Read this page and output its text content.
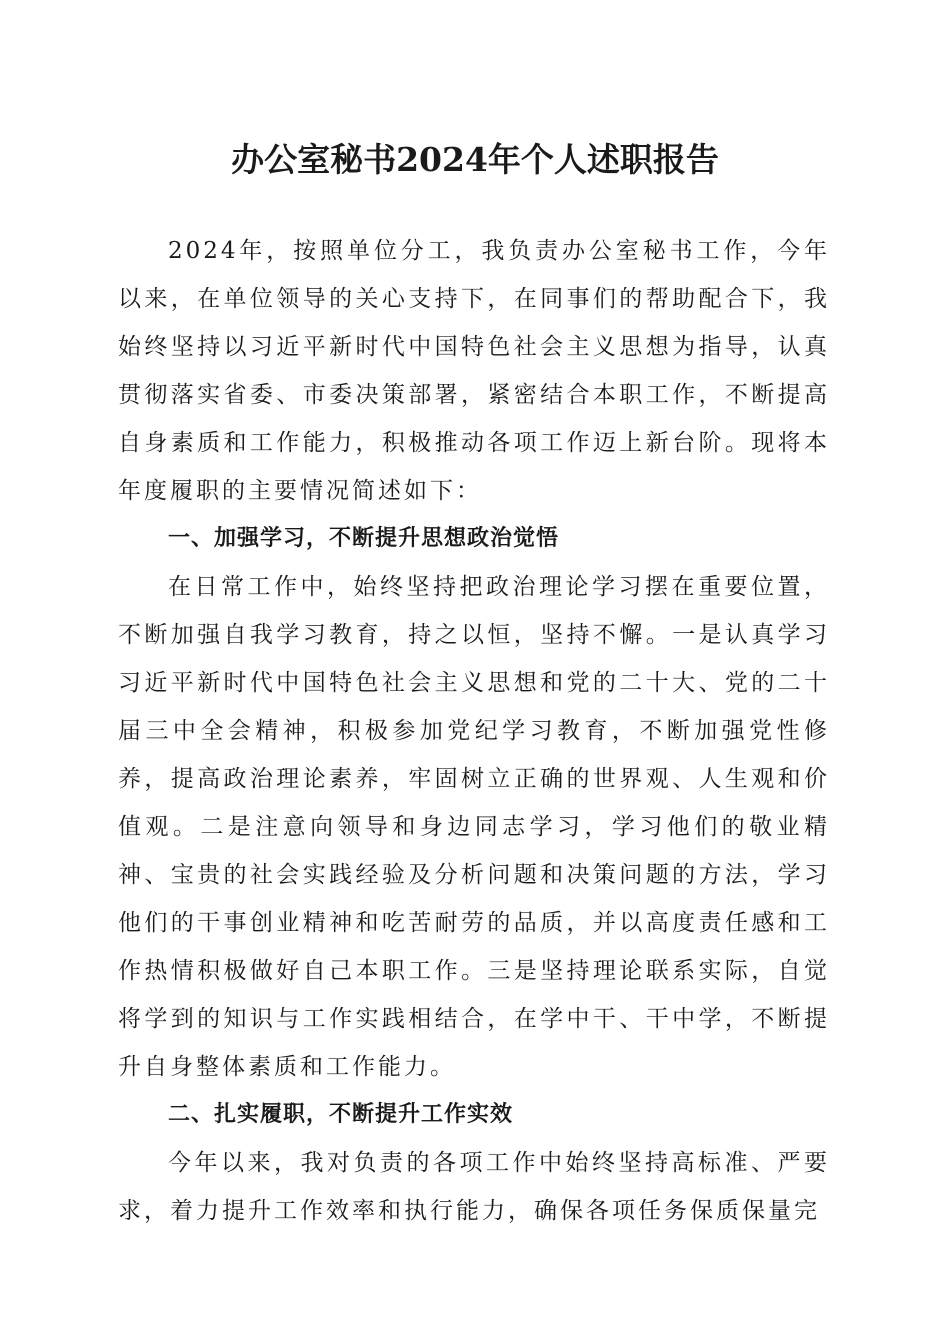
办公室秘书2024年个人述职报告

2024年，按照单位分工，我负责办公室秘书工作，今年以来，在单位领导的关心支持下，在同事们的帮助配合下，我始终坚持以习近平新时代中国特色社会主义思想为指导，认真贯彻落实省委、市委决策部署，紧密结合本职工作，不断提高自身素质和工作能力，积极推动各项工作迈上新台阶。现将本年度履职的主要情况简述如下：

一、加强学习，不断提升思想政治觉悟

在日常工作中，始终坚持把政治理论学习摆在重要位置，不断加强自我学习教育，持之以恒，坚持不懈。一是认真学习习近平新时代中国特色社会主义思想和党的二十大、党的二十届三中全会精神，积极参加党纪学习教育，不断加强党性修养，提高政治理论素养，牢固树立正确的世界观、人生观和价值观。二是注意向领导和身边同志学习，学习他们的敬业精神、宝贵的社会实践经验及分析问题和决策问题的方法，学习他们的干事创业精神和吃苦耐劳的品质，并以高度责任感和工作热情积极做好自己本职工作。三是坚持理论联系实际，自觉将学到的知识与工作实践相结合，在学中干、干中学，不断提升自身整体素质和工作能力。

二、扎实履职，不断提升工作实效

今年以来，我对负责的各项工作中始终坚持高标准、严要求，着力提升工作效率和执行能力，确保各项任务保质保量完
